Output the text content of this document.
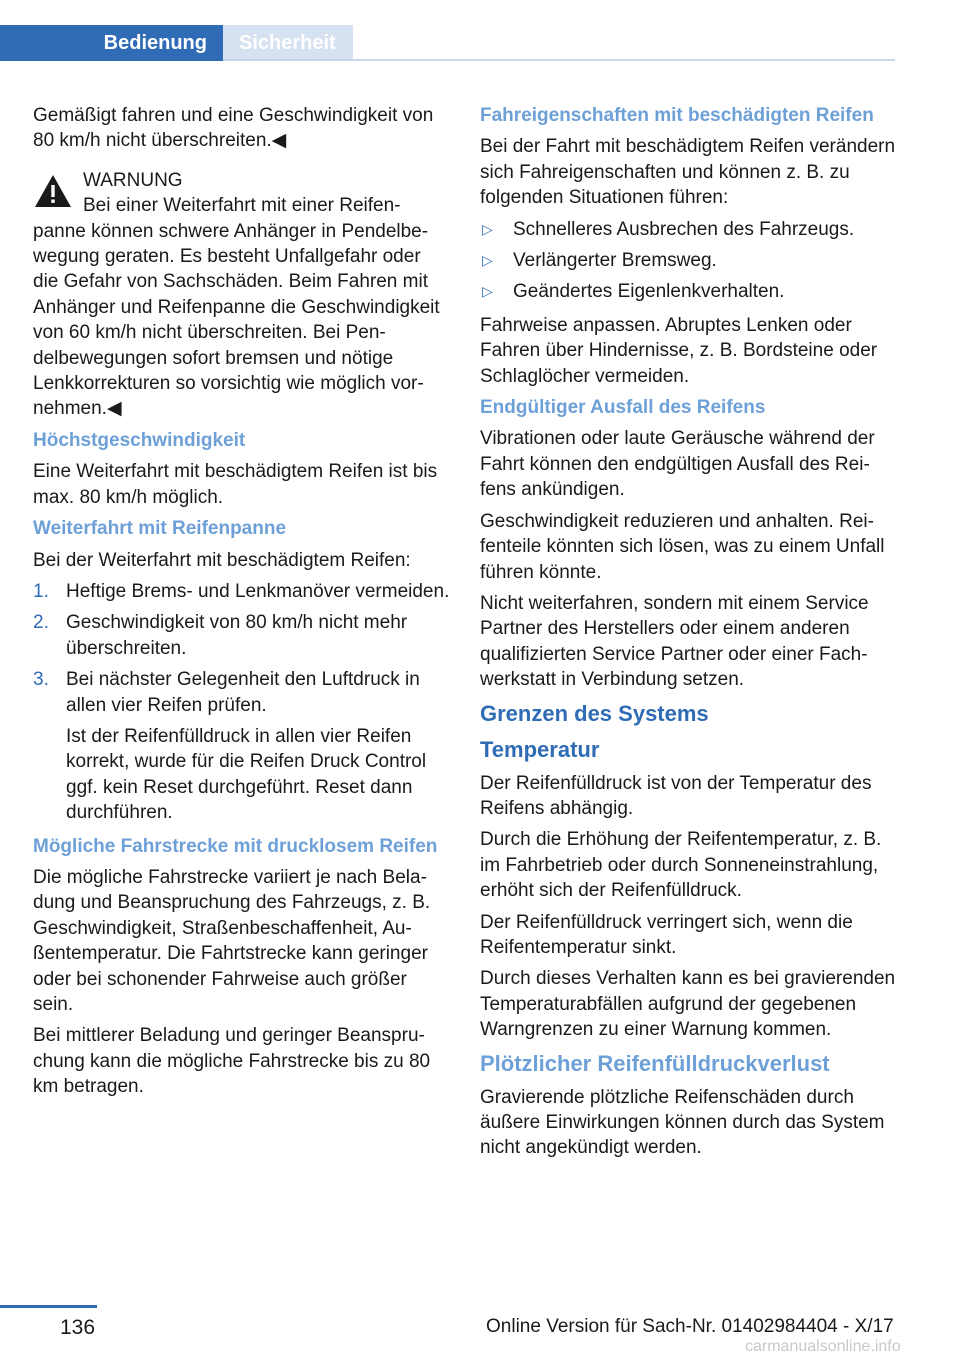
Bedienung	Sicherheit

Gemäßigt fahren und eine Geschwindigkeit von 80 km/h nicht überschreiten.◀

WARNUNG
Bei einer Weiterfahrt mit einer Reifen-

panne können schwere Anhänger in Pendelbewegung geraten. Es besteht Unfallgefahr oder die Gefahr von Sachschäden. Beim Fahren mit Anhänger und Reifenpanne die Geschwindigkeit von 60 km/h nicht überschreiten. Bei Pendelbewegungen sofort bremsen und nötige Lenkkorrekturen so vorsichtig wie möglich vornehmen.◀

Höchstgeschwindigkeit

Eine Weiterfahrt mit beschädigtem Reifen ist bis max. 80 km/h möglich.

Weiterfahrt mit Reifenpanne

Bei der Weiterfahrt mit beschädigtem Reifen:

1. Heftige Brems- und Lenkmanöver vermeiden.
2. Geschwindigkeit von 80 km/h nicht mehr überschreiten.
3. Bei nächster Gelegenheit den Luftdruck in allen vier Reifen prüfen.
Ist der Reifenfülldruck in allen vier Reifen korrekt, wurde für die Reifen Druck Control ggf. kein Reset durchgeführt. Reset dann durchführen.

Mögliche Fahrstrecke mit drucklosem Reifen

Die mögliche Fahrstrecke variiert je nach Beladung und Beanspruchung des Fahrzeugs, z. B. Geschwindigkeit, Straßenbeschaffenheit, Außentemperatur. Die Fahrtstrecke kann geringer oder bei schonender Fahrweise auch größer sein.

Bei mittlerer Beladung und geringer Beanspruchung kann die mögliche Fahrstrecke bis zu 80 km betragen.

Fahreigenschaften mit beschädigten Reifen

Bei der Fahrt mit beschädigtem Reifen verändern sich Fahreigenschaften und können z. B. zu folgenden Situationen führen:

▷ Schnelleres Ausbrechen des Fahrzeugs.
▷ Verlängerter Bremsweg.
▷ Geändertes Eigenlenkverhalten.

Fahrweise anpassen. Abruptes Lenken oder Fahren über Hindernisse, z. B. Bordsteine oder Schlaglöcher vermeiden.

Endgültiger Ausfall des Reifens

Vibrationen oder laute Geräusche während der Fahrt können den endgültigen Ausfall des Reifens ankündigen.

Geschwindigkeit reduzieren und anhalten. Reifenteile könnten sich lösen, was zu einem Unfall führen könnte.

Nicht weiterfahren, sondern mit einem Service Partner des Herstellers oder einem anderen qualifizierten Service Partner oder einer Fachwerkstatt in Verbindung setzen.

Grenzen des Systems

Temperatur

Der Reifenfülldruck ist von der Temperatur des Reifens abhängig.

Durch die Erhöhung der Reifentemperatur, z. B. im Fahrbetrieb oder durch Sonneneinstrahlung, erhöht sich der Reifenfülldruck.

Der Reifenfülldruck verringert sich, wenn die Reifentemperatur sinkt.

Durch dieses Verhalten kann es bei gravierenden Temperaturabfällen aufgrund der gegebenen Warngrenzen zu einer Warnung kommen.

Plötzlicher Reifenfülldruckverlust

Gravierende plötzliche Reifenschäden durch äußere Einwirkungen können durch das System nicht angekündigt werden.

136	Online Version für Sach-Nr. 01402984404 - X/17
carmanualsonline.info
